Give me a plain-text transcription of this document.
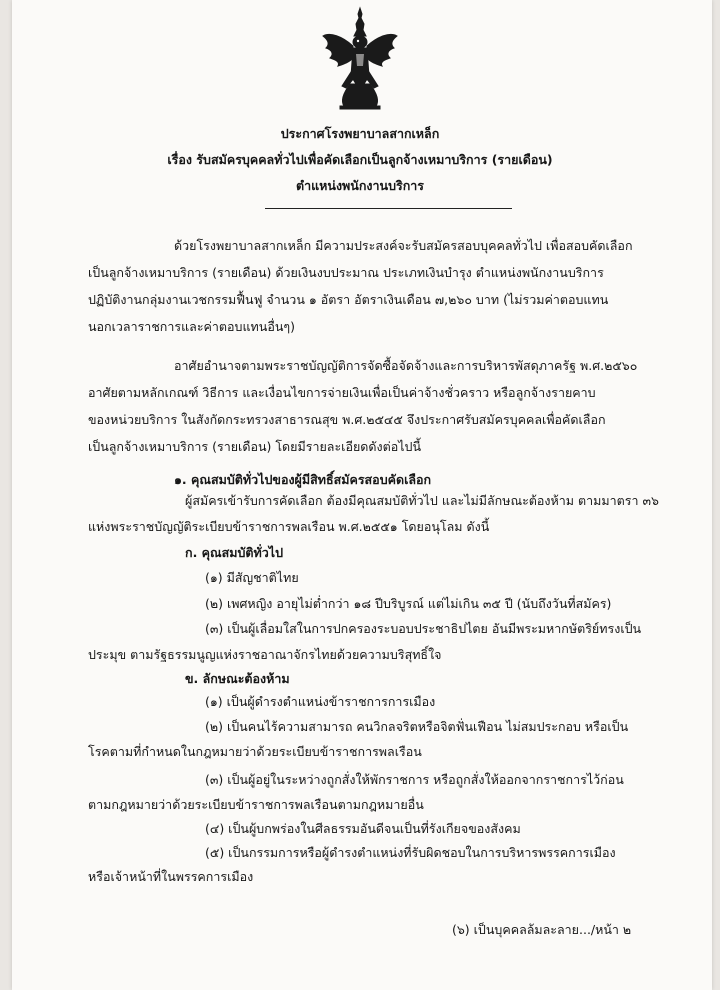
ประกาศโรงพยาบาลสากเหล็ก
เรื่อง รับสมัครบุคคลทั่วไปเพื่อคัดเลือกเป็นลูกจ้างเหมาบริการ (รายเดือน)
ตำแหน่งพนักงานบริการ
ด้วยโรงพยาบาลสากเหล็ก มีความประสงค์จะรับสมัครสอบบุคคลทั่วไป เพื่อสอบคัดเลือก
เป็นลูกจ้างเหมาบริการ (รายเดือน) ด้วยเงินงบประมาณ ประเภทเงินบำรุง ตำแหน่งพนักงานบริการ
ปฏิบัติงานกลุ่มงานเวชกรรมฟื้นฟู จำนวน ๑ อัตรา อัตราเงินเดือน ๗,๒๖๐ บาท (ไม่รวมค่าตอบแทน
นอกเวลาราชการและค่าตอบแทนอื่นๆ)
อาศัยอำนาจตามพระราชบัญญัติการจัดซื้อจัดจ้างและการบริหารพัสดุภาครัฐ พ.ศ.๒๕๖๐
อาศัยตามหลักเกณฑ์ วิธีการ และเงื่อนไขการจ่ายเงินเพื่อเป็นค่าจ้างชั่วคราว หรือลูกจ้างรายคาบ
ของหน่วยบริการ ในสังกัดกระทรวงสาธารณสุข พ.ศ.๒๕๔๕ จึงประกาศรับสมัครบุคคลเพื่อคัดเลือก
เป็นลูกจ้างเหมาบริการ (รายเดือน) โดยมีรายละเอียดดังต่อไปนี้
๑. คุณสมบัติทั่วไปของผู้มีสิทธิ์สมัครสอบคัดเลือก
ผู้สมัครเข้ารับการคัดเลือก ต้องมีคุณสมบัติทั่วไป และไม่มีลักษณะต้องห้าม ตามมาตรา ๓๖
แห่งพระราชบัญญัติระเบียบข้าราชการพลเรือน พ.ศ.๒๕๕๑ โดยอนุโลม ดังนี้
ก. คุณสมบัติทั่วไป
(๑) มีสัญชาติไทย
(๒) เพศหญิง อายุไม่ต่ำกว่า ๑๘ ปีบริบูรณ์ แต่ไม่เกิน ๓๕ ปี (นับถึงวันที่สมัคร)
(๓) เป็นผู้เลื่อมใสในการปกครองระบอบประชาธิปไตย อันมีพระมหากษัตริย์ทรงเป็น
ประมุข ตามรัฐธรรมนูญแห่งราชอาณาจักรไทยด้วยความบริสุทธิ์ใจ
ข. ลักษณะต้องห้าม
(๑) เป็นผู้ดำรงตำแหน่งข้าราชการการเมือง
(๒) เป็นคนไร้ความสามารถ คนวิกลจริตหรือจิตฟั่นเฟือน ไม่สมประกอบ หรือเป็น
โรคตามที่กำหนดในกฎหมายว่าด้วยระเบียบข้าราชการพลเรือน
(๓) เป็นผู้อยู่ในระหว่างถูกสั่งให้พักราชการ หรือถูกสั่งให้ออกจากราชการไว้ก่อน
ตามกฎหมายว่าด้วยระเบียบข้าราชการพลเรือนตามกฎหมายอื่น
(๔) เป็นผู้บกพร่องในศีลธรรมอันดีจนเป็นที่รังเกียจของสังคม
(๕) เป็นกรรมการหรือผู้ดำรงตำแหน่งที่รับผิดชอบในการบริหารพรรคการเมือง
หรือเจ้าหน้าที่ในพรรคการเมือง
(๖) เป็นบุคคลล้มละลาย.../หน้า ๒
